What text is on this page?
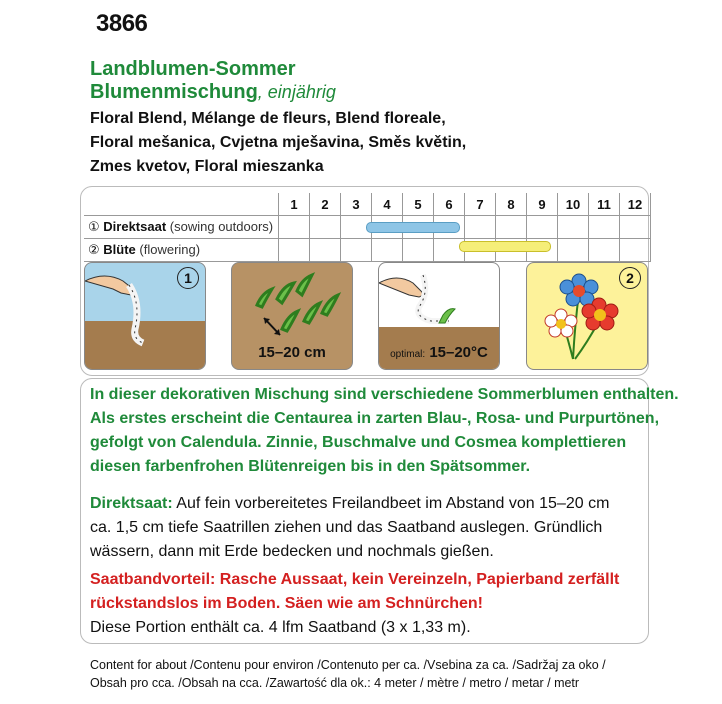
3866
Landblumen-Sommer
Blumenmischung, einjährig
Floral Blend, Mélange de fleurs, Blend floreale,
Floral mešanica, Cvjetna mješavina, Směs květin,
Zmes kvetov, Floral mieszanka
	1	2	3	4	5	6	7	8	9	10	11	12
① Direktsaat (sowing outdoors)												
② Blüte (flowering)												
1
15–20 cm	optimal: 15–20°C
2
In dieser dekorativen Mischung sind verschiedene Sommerblumen enthalten.
Als erstes erscheint die Centaurea in zarten Blau-, Rosa- und Purpurtönen,
gefolgt von Calendula. Zinnie, Buschmalve und Cosmea komplettieren
diesen farbenfrohen Blütenreigen bis in den Spätsommer.
Direktsaat: Auf fein vorbereitetes Freilandbeet im Abstand von 15–20 cm
ca. 1,5 cm tiefe Saatrillen ziehen und das Saatband auslegen. Gründlich
wässern, dann mit Erde bedecken und nochmals gießen.
Saatbandvorteil: Rasche Aussaat, kein Vereinzeln, Papierband zerfällt
rückstandslos im Boden. Säen wie am Schnürchen!
Diese Portion enthält ca. 4 lfm Saatband (3 x 1,33 m).
Content for about /Contenu pour environ /Contenuto per ca. /Vsebina za ca. /Sadržaj za oko /
Obsah pro cca. /Obsah na cca. /Zawartość dla ok.: 4 meter / mètre / metro / metar / metr
